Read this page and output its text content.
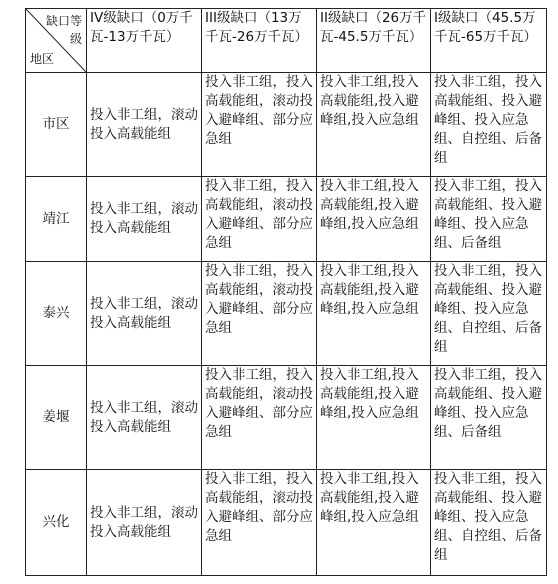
缺口等
级
地区	IV级缺口（0万千瓦-13万千瓦）	III级缺口（13万千瓦-26万千瓦）	II级缺口（26万千瓦-45.5万千瓦）	I级缺口（45.5万千瓦-65万千瓦）
市区	投入非工组，滚动投入高载能组	投入非工组，投入高载能组，滚动投入避峰组、部分应急组	投入非工组,投入高载能组,投入避峰组,投入应急组	投入非工组，投入高载能组、投入避峰组、投入应急组、自控组、后备组
靖江	投入非工组，滚动投入高载能组	投入非工组，投入高载能组，滚动投入避峰组、部分应急组	投入非工组,投入高载能组,投入避峰组,投入应急组	投入非工组，投入高载能组、投入避峰组、投入应急组、后备组
泰兴	投入非工组，滚动投入高载能组	投入非工组，投入高载能组，滚动投入避峰组、部分应急组	投入非工组,投入高载能组,投入避峰组,投入应急组	投入非工组，投入高载能组、投入避峰组、投入应急组、自控组、后备组
姜堰	投入非工组，滚动投入高载能组	投入非工组，投入高载能组，滚动投入避峰组、部分应急组	投入非工组,投入高载能组,投入避峰组,投入应急组	投入非工组，投入高载能组、投入避峰组、投入应急组、后备组
兴化	投入非工组，滚动投入高载能组	投入非工组，投入高载能组，滚动投入避峰组、部分应急组	投入非工组,投入高载能组,投入避峰组,投入应急组	投入非工组，投入高载能组、投入避峰组、投入应急组、自控组、后备组
